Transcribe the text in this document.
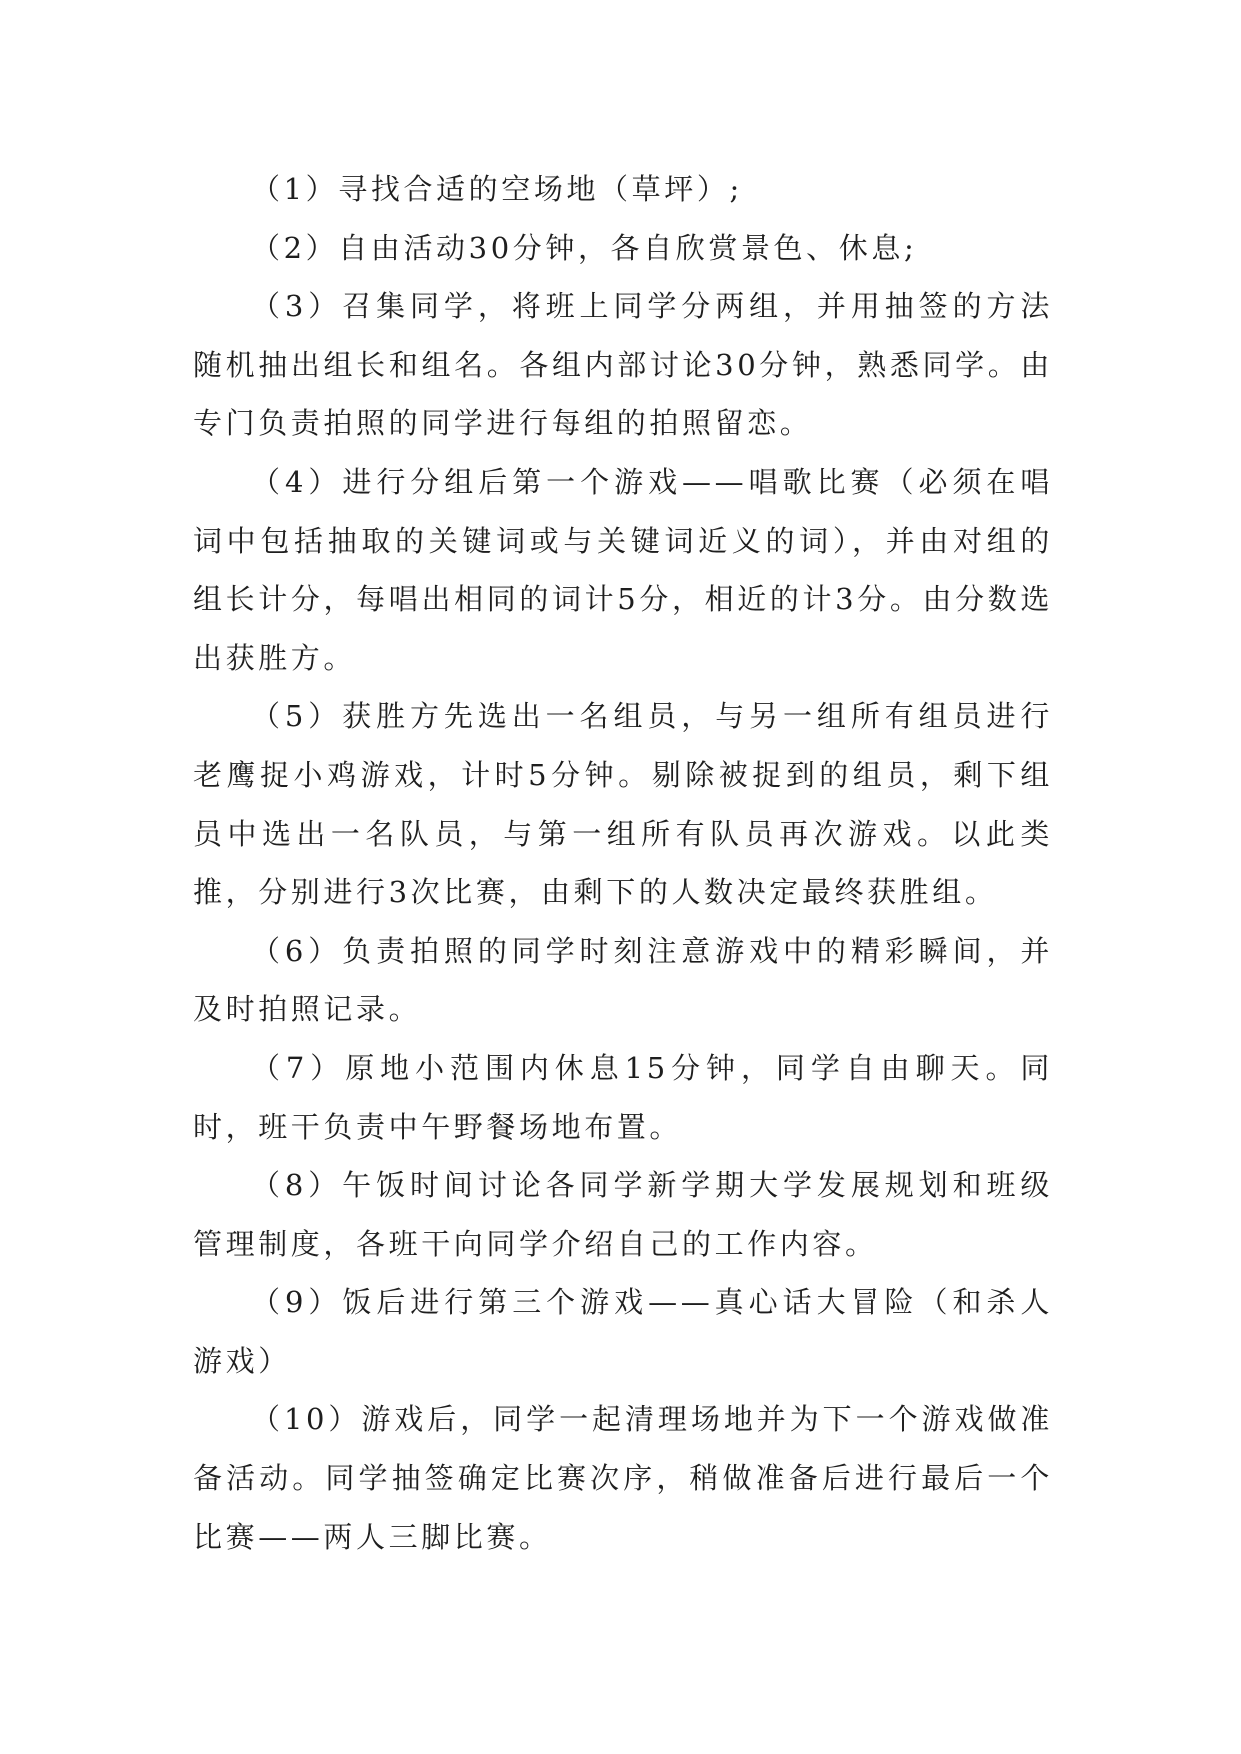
（1）寻找合适的空场地（草坪）;

（2）自由活动30分钟，各自欣赏景色、休息;

（3）召集同学，将班上同学分两组，并用抽签的方法随机抽出组长和组名。各组内部讨论30分钟，熟悉同学。由专门负责拍照的同学进行每组的拍照留恋。

（4）进行分组后第一个游戏——唱歌比赛（必须在唱词中包括抽取的关键词或与关键词近义的词），并由对组的组长计分，每唱出相同的词计5分，相近的计3分。由分数选出获胜方。

（5）获胜方先选出一名组员，与另一组所有组员进行老鹰捉小鸡游戏，计时5分钟。剔除被捉到的组员，剩下组员中选出一名队员，与第一组所有队员再次游戏。以此类推，分别进行3次比赛，由剩下的人数决定最终获胜组。

（6）负责拍照的同学时刻注意游戏中的精彩瞬间，并及时拍照记录。

（7）原地小范围内休息15分钟，同学自由聊天。同时，班干负责中午野餐场地布置。

（8）午饭时间讨论各同学新学期大学发展规划和班级管理制度，各班干向同学介绍自己的工作内容。

（9）饭后进行第三个游戏——真心话大冒险（和杀人游戏）

（10）游戏后，同学一起清理场地并为下一个游戏做准备活动。同学抽签确定比赛次序，稍做准备后进行最后一个比赛——两人三脚比赛。
